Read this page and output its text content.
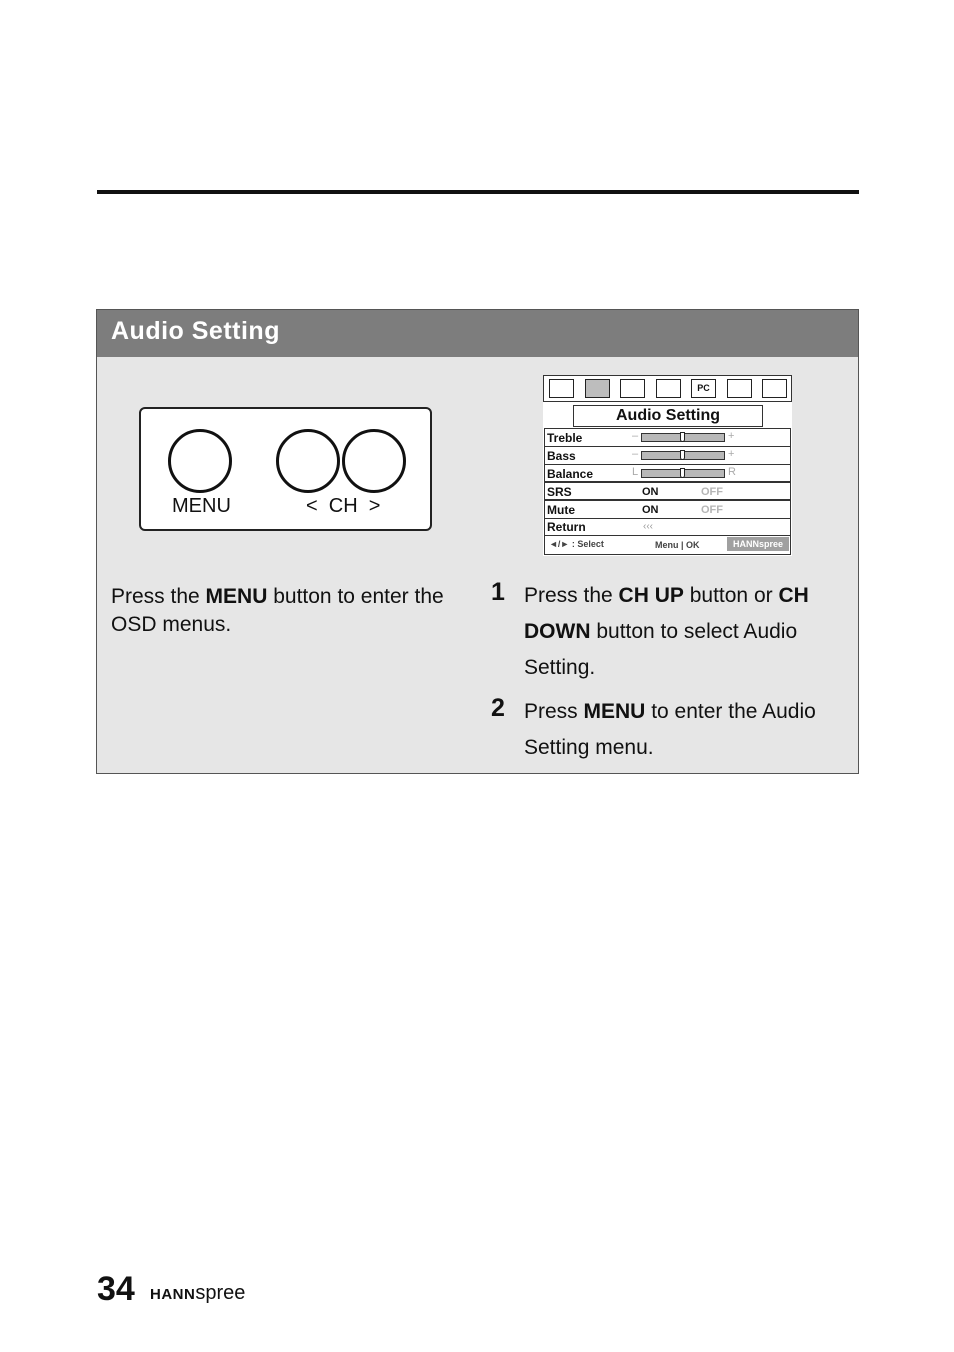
Audio Setting
MENU	<  CH  >
PC
Audio Setting
◄/► : Select	Menu | OK	HANNspree
Treble	–	+
Bass	–	+
Balance	L	R
SRS	ON	OFF
Mute	ON	OFF
Return	‹‹‹
Press the MENU button to enter the OSD menus.
1 Press the CH UP button or CH DOWN button to select Audio Setting.
2 Press MENU to enter the Audio Setting menu.
34 HANNspree
